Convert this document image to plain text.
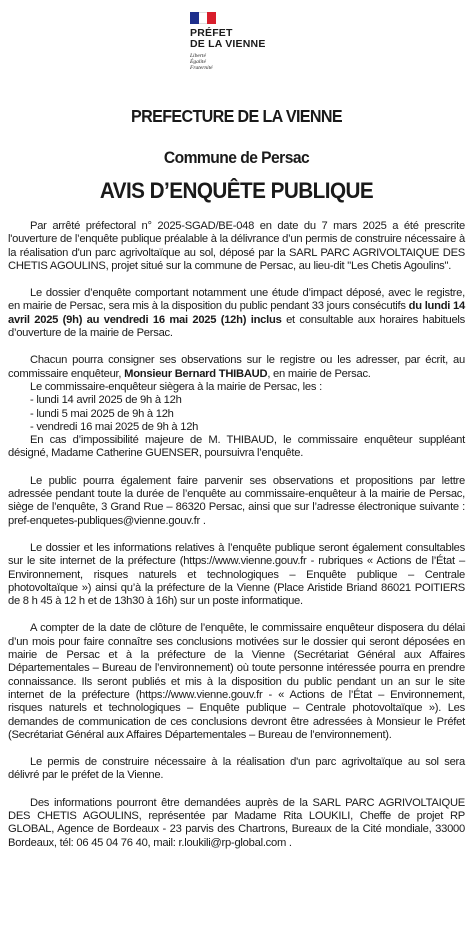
PRÉFET
DE LA VIENNE
Liberté
Égalité
Fraternité
PREFECTURE DE LA VIENNE
Commune de Persac
AVIS D’ENQUÊTE PUBLIQUE

Par arrêté préfectoral n° 2025-SGAD/BE-048 en date du 7 mars 2025 a été prescrite l'ouverture de l’enquête publique préalable à la délivrance d’un permis de construire nécessaire à la réalisation d'un parc agrivoltaïque au sol, déposé par la SARL PARC AGRIVOLTAIQUE DES CHETIS AGOULINS, projet situé sur la commune de Persac, au lieu-dit "Les Chetis Agoulins".

Le dossier d’enquête comportant notamment une étude d’impact déposé, avec le registre, en mairie de Persac, sera mis à la disposition du public pendant 33 jours consécutifs du lundi 14 avril 2025 (9h) au vendredi 16 mai 2025 (12h) inclus et consultable aux horaires habituels d’ouverture de la mairie de Persac.

Chacun pourra consigner ses observations sur le registre ou les adresser, par écrit, au commissaire enquêteur, Monsieur Bernard THIBAUD, en mairie de Persac.

Le commissaire-enquêteur siègera à la mairie de Persac, les :

- lundi 14 avril 2025 de 9h à 12h

- lundi 5 mai 2025 de 9h à 12h

- vendredi 16 mai 2025 de 9h à 12h

En cas d’impossibilité majeure de M. THIBAUD, le commissaire enquêteur suppléant désigné, Madame Catherine GUENSER, poursuivra l’enquête.

Le public pourra également faire parvenir ses observations et propositions par lettre adressée pendant toute la durée de l’enquête au commissaire-enquêteur à la mairie de Persac, siège de l’enquête, 3 Grand Rue – 86320 Persac, ainsi que sur l’adresse électronique suivante : pref-enquetes-publiques@vienne.gouv.fr .

Le dossier et les informations relatives à l’enquête publique seront également consultables sur le site internet de la préfecture (https://www.vienne.gouv.fr - rubriques « Actions de l’État – Environnement, risques naturels et technologiques – Enquête publique – Centrale photovoltaïque ») ainsi qu’à la préfecture de la Vienne (Place Aristide Briand 86021 POITIERS de 8 h 45 à 12 h et de 13h30 à 16h) sur un poste informatique.

A compter de la date de clôture de l’enquête, le commissaire enquêteur disposera du délai d’un mois pour faire connaître ses conclusions motivées sur le dossier qui seront déposées en mairie de Persac et à la préfecture de la Vienne (Secrétariat Général aux Affaires Départementales – Bureau de l’environnement) où toute personne intéressée pourra en prendre connaissance. Ils seront publiés et mis à la disposition du public pendant un an sur le site internet de la préfecture (https://www.vienne.gouv.fr - « Actions de l’État – Environnement, risques naturels et technologiques – Enquête publique – Centrale photovoltaïque »). Les demandes de communication de ces conclusions devront être adressées à Monsieur le Préfet (Secrétariat Général aux Affaires Départementales – Bureau de l’environnement).

Le permis de construire nécessaire à la réalisation d'un parc agrivoltaïque au sol sera délivré par le préfet de la Vienne.

Des informations pourront être demandées auprès de la SARL PARC AGRIVOLTAIQUE DES CHETIS AGOULINS, représentée par Madame Rita LOUKILI, Cheffe de projet RP GLOBAL, Agence de Bordeaux - 23 parvis des Chartrons, Bureaux de la Cité mondiale, 33000 Bordeaux, tél: 06 45 04 76 40, mail: r.loukili@rp-global.com .
